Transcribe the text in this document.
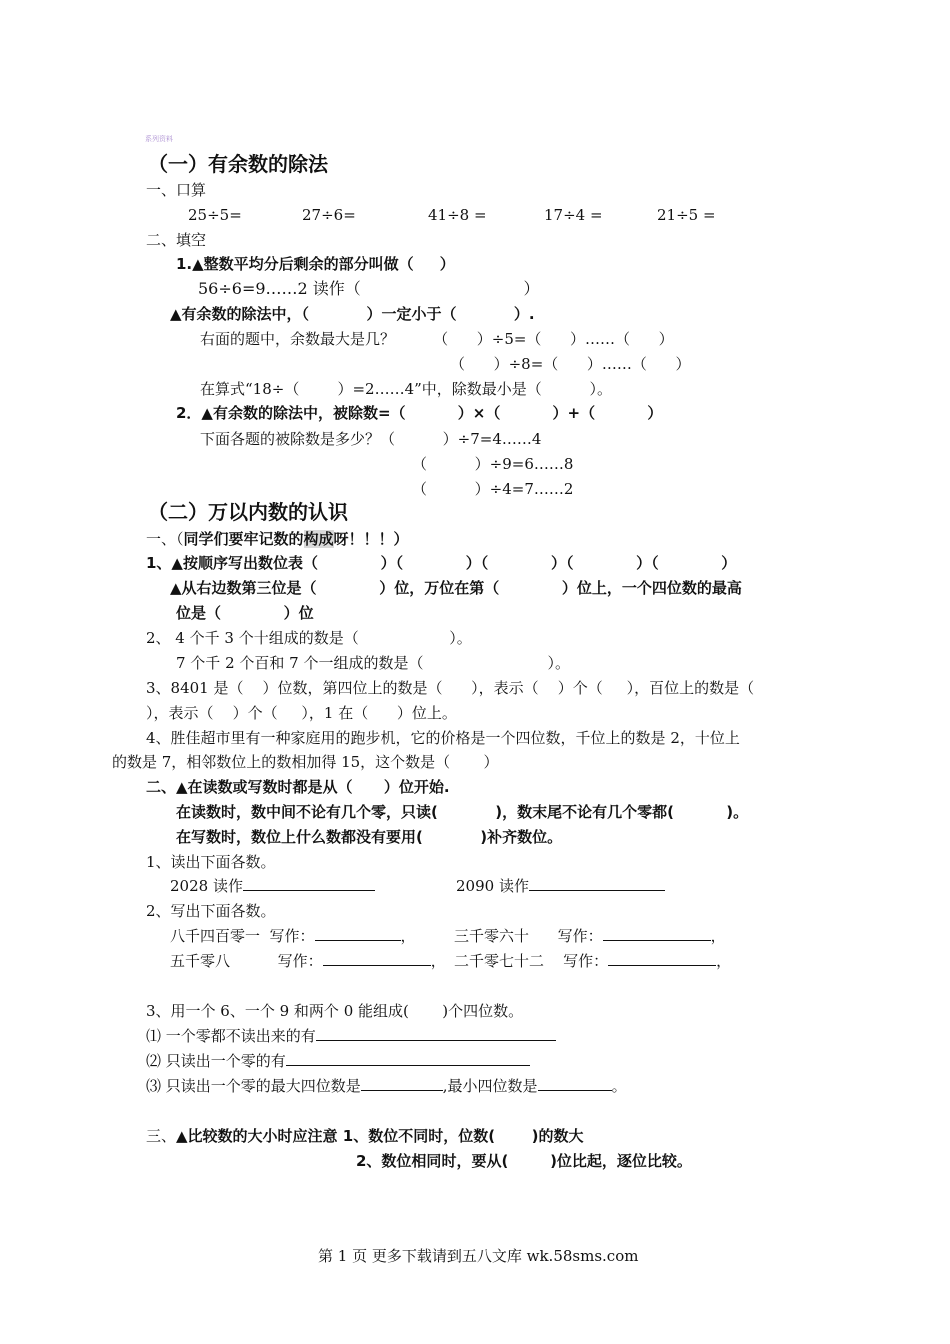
系列资料
（一）有余数的除法
一、口算
25÷5=	27÷6=	41÷8 =	17÷4 =	21÷5 =
二、填空
1.▲整数平均分后剩余的部分叫做（     ）
56÷6=9……2 读作（                                ）
▲有余数的除法中，（           ）一定小于（           ）.
右面的题中，余数最大是几？        （      ）÷5=（      ）……（      ）
（      ）÷8=（      ）……（      ）
在算式“18÷（        ）=2……4”中，除数最小是（          ）。
2．▲有余数的除法中，被除数=（          ）×（          ）+（          ）
下面各题的被除数是多少？（          ）÷7=4……4
（          ）÷9=6……8
（          ）÷4=7……2
（二）万以内数的认识
一、（同学们要牢记数的构成呀！！！）
1、▲按顺序写出数位表（            ）（            ）（            ）（            ）（            ）
▲从右边数第三位是（            ）位，万位在第（            ）位上，一个四位数的最高
位是（            ）位
2、 4 个千 3 个十组成的数是（                   ）。
7 个千 2 个百和 7 个一组成的数是（                          ）。
3、8401 是（    ）位数，第四位上的数是（      ），表示（    ）个（     ），百位上的数是（
），表示（    ）个（     ），1 在（      ）位上。
4、胜佳超市里有一种家庭用的跑步机，它的价格是一个四位数，千位上的数是 2，十位上
的数是 7，相邻数位上的数相加得 15，这个数是（       ）
二、▲在读数或写数时都是从（      ）位开始.
在读数时，数中间不论有几个零，只读(           )，数末尾不论有几个零都(          )。
在写数时，数位上什么数都没有要用(           )补齐数位。
1、读出下面各数。
2028 读作	2090 读作
2、写出下面各数。
八千四百零一  写作：	，	三千零六十      写作：	，
五千零八          写作：	， 二千零七十二    写作：	，
3、用一个 6、一个 9 和两个 0 能组成(       )个四位数。
⑴ 一个零都不读出来的有
⑵ 只读出一个零的有
⑶ 只读出一个零的最大四位数是	,最小四位数是	。
三、▲比较数的大小时应注意 1、数位不同时，位数(       )的数大
2、数位相同时，要从(        )位比起，逐位比较。
第 1 页 更多下载请到五八文库 wk.58sms.com
